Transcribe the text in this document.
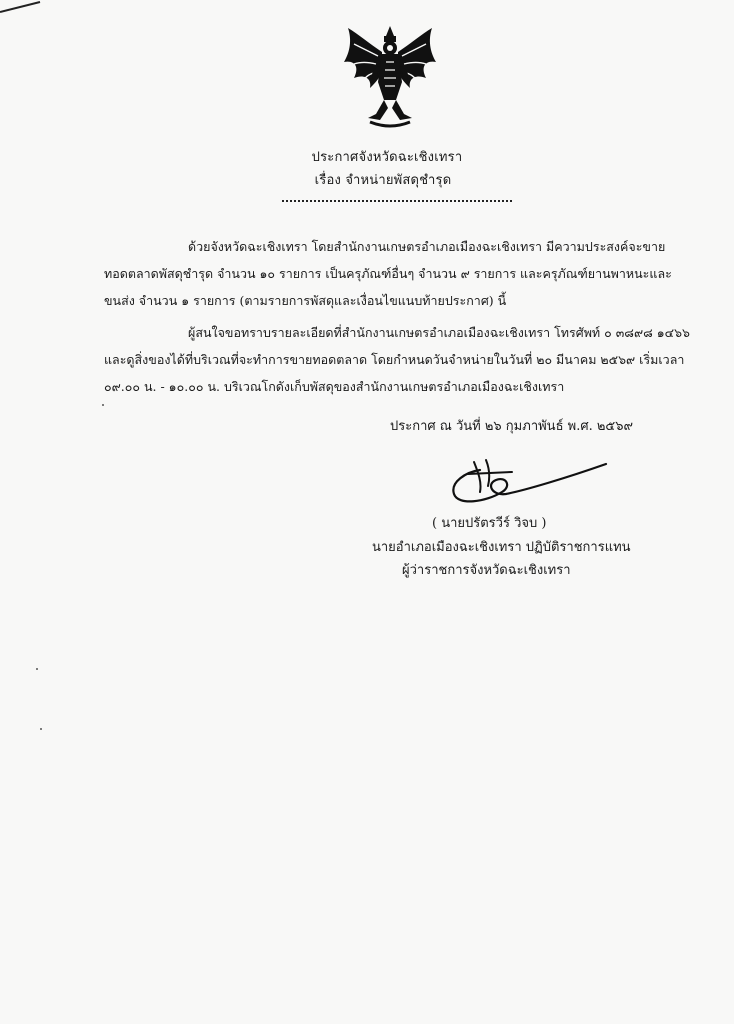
ประกาศจังหวัดฉะเชิงเทรา
เรื่อง จำหน่ายพัสดุชำรุด
ด้วยจังหวัดฉะเชิงเทรา โดยสำนักงานเกษตรอำเภอเมืองฉะเชิงเทรา มีความประสงค์จะขาย
ทอดตลาดพัสดุชำรุด จำนวน ๑๐ รายการ เป็นครุภัณฑ์อื่นๆ จำนวน ๙ รายการ และครุภัณฑ์ยานพาหนะและ
ขนส่ง จำนวน ๑ รายการ (ตามรายการพัสดุและเงื่อนไขแนบท้ายประกาศ) นี้
ผู้สนใจขอทราบรายละเอียดที่สำนักงานเกษตรอำเภอเมืองฉะเชิงเทรา โทรศัพท์ ๐ ๓๘๙๘ ๑๔๖๖
และดูสิ่งของได้ที่บริเวณที่จะทำการขายทอดตลาด โดยกำหนดวันจำหน่ายในวันที่ ๒๐ มีนาคม ๒๕๖๙ เริ่มเวลา
๐๙.๐๐ น. - ๑๐.๐๐ น. บริเวณโกดังเก็บพัสดุของสำนักงานเกษตรอำเภอเมืองฉะเชิงเทรา
ประกาศ ณ วันที่ ๒๖ กุมภาพันธ์ พ.ศ. ๒๕๖๙
( นายปรัตรวีร์ วิจบ )
นายอำเภอเมืองฉะเชิงเทรา ปฏิบัติราชการแทน
ผู้ว่าราชการจังหวัดฉะเชิงเทรา
